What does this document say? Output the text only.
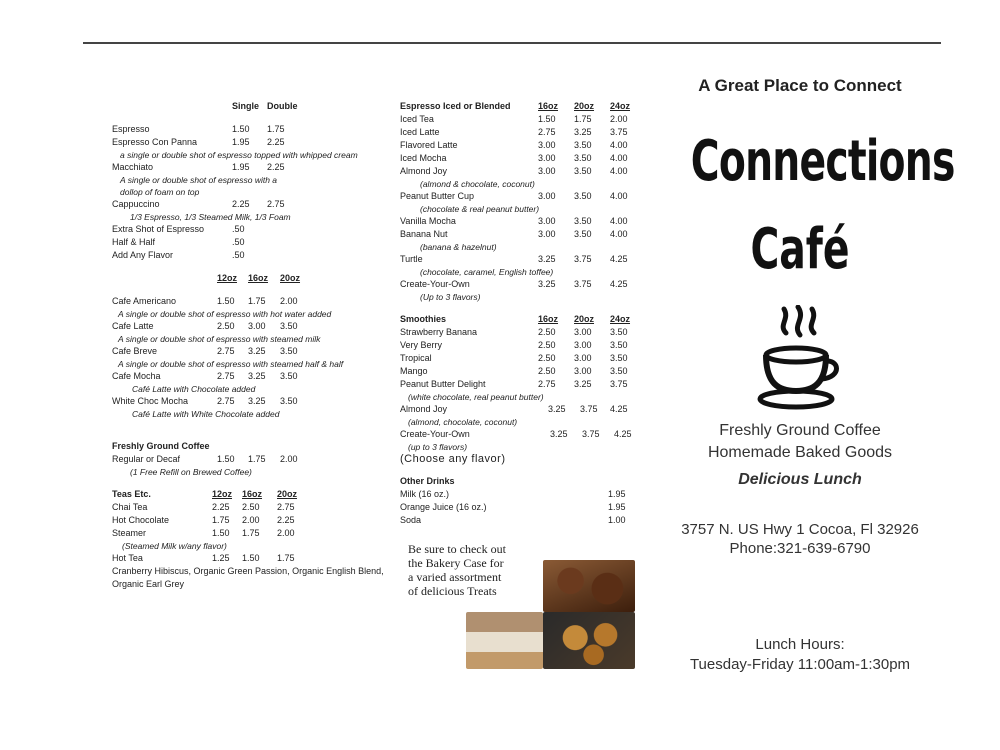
Single Double
Espresso	1.50 1.75
Espresso Con Panna	1.95 2.25
a single or double shot of espresso topped with whipped cream
Macchiato	1.95 2.25
A single or double shot of espresso with a
dollop of foam on top
Cappuccino	2.25 2.75
1/3 Espresso, 1/3 Steamed Milk, 1/3 Foam
Extra Shot of Espresso	.50
Half & Half	.50
Add Any Flavor	.50
12oz 16oz 20oz
Cafe Americano	1.50 1.75 2.00
A single or double shot of espresso with hot water added
Cafe Latte	2.50 3.00 3.50
A single or double shot of espresso with steamed milk
Cafe Breve	2.75 3.25 3.50
A single or double shot of espresso with steamed half & half
Cafe Mocha	2.75 3.25 3.50
Café Latte with Chocolate added
White Choc Mocha	2.75 3.25 3.50
Café Latte with White Chocolate added
Freshly Ground Coffee
Regular or Decaf	1.50 1.75 2.00
(1 Free Refill on Brewed Coffee)
Teas Etc.	12oz 16oz 20oz
Chai Tea	2.25 2.50 2.75
Hot Chocolate	1.75 2.00 2.25
Steamer	1.50 1.75 2.00
(Steamed Milk w/any flavor)
Hot Tea	1.25 1.50 1.75
Cranberry Hibiscus, Organic Green Passion, Organic English Blend,
Organic Earl Grey
Espresso Iced or Blended	16oz 20oz 24oz
Iced Tea	1.50 1.75 2.00
Iced Latte	2.75 3.25 3.75
Flavored Latte	3.00 3.50 4.00
Iced Mocha	3.00 3.50 4.00
Almond Joy	3.00 3.50 4.00
(almond & chocolate, coconut)
Peanut Butter Cup	3.00 3.50 4.00
(chocolate & real peanut butter)
Vanilla Mocha	3.00 3.50 4.00
Banana Nut	3.00 3.50 4.00
(banana & hazelnut)
Turtle	3.25 3.75 4.25
(chocolate, caramel, English toffee)
Create-Your-Own	3.25 3.75 4.25
(Up to 3 flavors)
Smoothies	16oz 20oz 24oz
Strawberry Banana	2.50 3.00 3.50
Very Berry	2.50 3.00 3.50
Tropical	2.50 3.00 3.50
Mango	2.50 3.00 3.50
Peanut Butter Delight	2.75 3.25 3.75
(white chocolate, real peanut butter)
Almond Joy	3.25 3.75 4.25
(almond, chocolate, coconut)
Create-Your-Own	3.25 3.75 4.25
(up to 3 flavors)
(Choose any flavor)
Other Drinks
Milk (16 oz.)	1.95
Orange Juice (16 oz.)	1.95
Soda	1.00
Be sure to check out
the Bakery Case for
a varied assortment
of delicious Treats
A Great Place to Connect
Connections
Café
Freshly Ground Coffee
Homemade Baked Goods
Delicious Lunch
3757 N. US Hwy 1 Cocoa, Fl 32926
Phone:321-639-6790
Lunch Hours:
Tuesday-Friday 11:00am-1:30pm
